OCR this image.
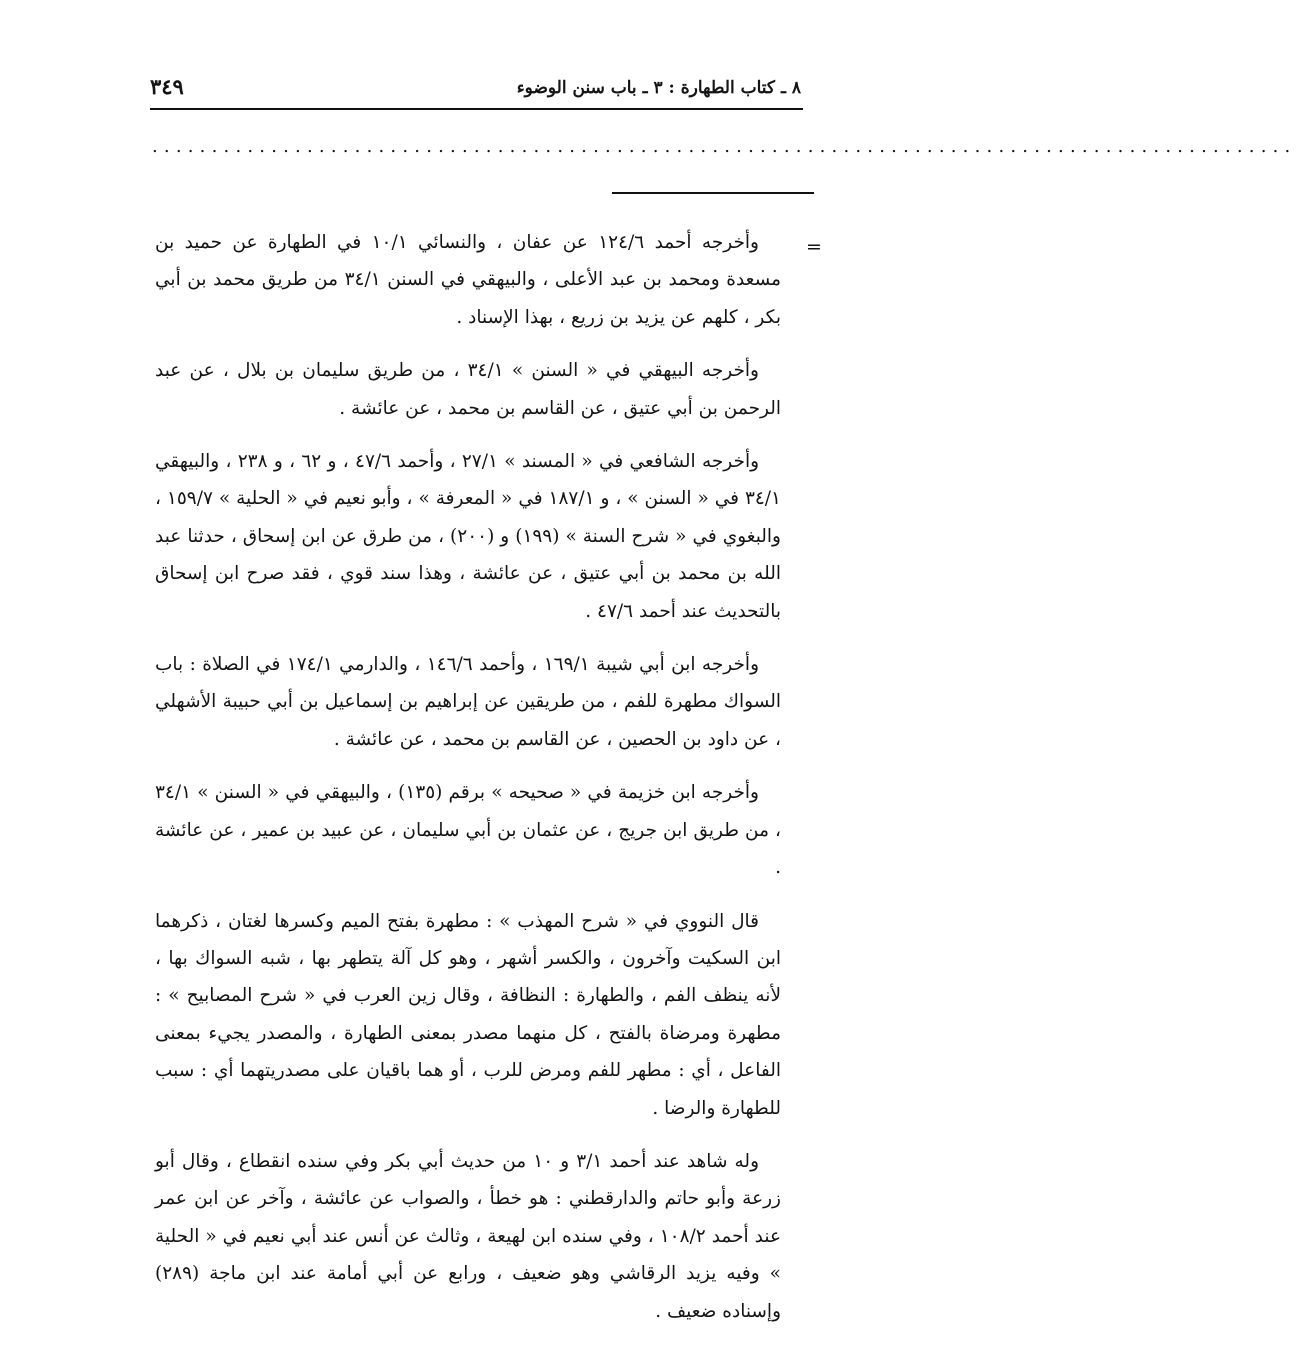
٨ ـ كتاب الطهارة : ٣ ـ باب سنن الوضوء
٣٤٩
................................................................................................
=

وأخرجه أحمد ١٢٤/٦ عن عفان ، والنسائي ١٠/١ في الطهارة عن حميد بن مسعدة ومحمد بن عبد الأعلى ، والبيهقي في السنن ٣٤/١ من طريق محمد بن أبي بكر ، كلهم عن يزيد بن زريع ، بهذا الإسناد .

وأخرجه البيهقي في « السنن » ٣٤/١ ، من طريق سليمان بن بلال ، عن عبد الرحمن بن أبي عتيق ، عن القاسم بن محمد ، عن عائشة .

وأخرجه الشافعي في « المسند » ٢٧/١ ، وأحمد ٤٧/٦ ، و ٦٢ ، و ٢٣٨ ، والبيهقي ٣٤/١ في « السنن » ، و ١٨٧/١ في « المعرفة » ، وأبو نعيم في « الحلية » ١٥٩/٧ ، والبغوي في « شرح السنة » (١٩٩) و (٢٠٠) ، من طرق عن ابن إسحاق ، حدثنا عبد الله بن محمد بن أبي عتيق ، عن عائشة ، وهذا سند قوي ، فقد صرح ابن إسحاق بالتحديث عند أحمد ٤٧/٦ .

وأخرجه ابن أبي شيبة ١٦٩/١ ، وأحمد ١٤٦/٦ ، والدارمي ١٧٤/١ في الصلاة : باب السواك مطهرة للفم ، من طريقين عن إبراهيم بن إسماعيل بن أبي حبيبة الأشهلي ، عن داود بن الحصين ، عن القاسم بن محمد ، عن عائشة .

وأخرجه ابن خزيمة في « صحيحه » برقم (١٣٥) ، والبيهقي في « السنن » ٣٤/١ ، من طريق ابن جريج ، عن عثمان بن أبي سليمان ، عن عبيد بن عمير ، عن عائشة .

قال النووي في « شرح المهذب » : مطهرة بفتح الميم وكسرها لغتان ، ذكرهما ابن السكيت وآخرون ، والكسر أشهر ، وهو كل آلة يتطهر بها ، شبه السواك بها ، لأنه ينظف الفم ، والطهارة : النظافة ، وقال زين العرب في « شرح المصابيح » : مطهرة ومرضاة بالفتح ، كل منهما مصدر بمعنى الطهارة ، والمصدر يجيء بمعنى الفاعل ، أي : مطهر للفم ومرض للرب ، أو هما باقيان على مصدريتهما أي : سبب للطهارة والرضا .

وله شاهد عند أحمد ٣/١ و ١٠ من حديث أبي بكر وفي سنده انقطاع ، وقال أبو زرعة وأبو حاتم والدارقطني : هو خطأ ، والصواب عن عائشة ، وآخر عن ابن عمر عند أحمد ١٠٨/٢ ، وفي سنده ابن لهيعة ، وثالث عن أنس عند أبي نعيم في « الحلية » وفيه يزيد الرقاشي وهو ضعيف ، ورابع عن أبي أمامة عند ابن ماجة (٢٨٩) وإسناده ضعيف .
